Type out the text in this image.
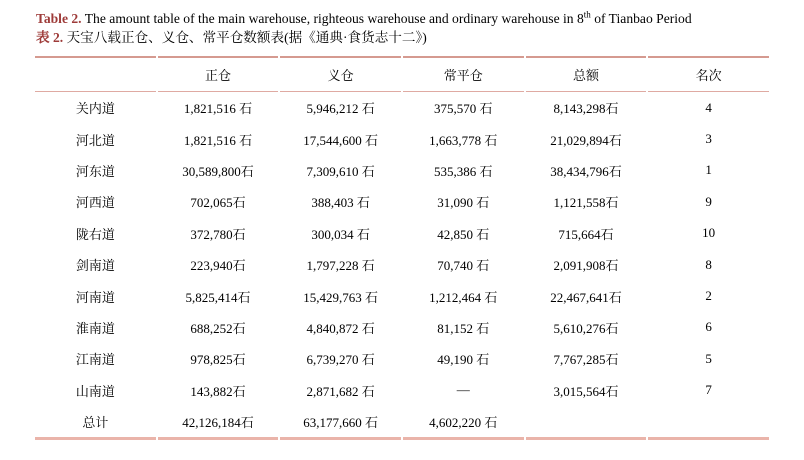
Table 2. The amount table of the main warehouse, righteous warehouse and ordinary warehouse in 8th of Tianbao Period
表 2. 天宝八载正仓、义仓、常平仓数额表(据《通典·食货志十二》)
	正仓	义仓	常平仓	总额	名次
关内道	1,821,516 石	5,946,212 石	375,570 石	8,143,298石	4
河北道	1,821,516 石	17,544,600 石	1,663,778 石	21,029,894石	3
河东道	30,589,800石	7,309,610 石	535,386 石	38,434,796石	1
河西道	702,065石	388,403 石	31,090 石	1,121,558石	9
陇右道	372,780石	300,034 石	42,850 石	715,664石	10
剑南道	223,940石	1,797,228 石	70,740 石	2,091,908石	8
河南道	5,825,414石	15,429,763 石	1,212,464 石	22,467,641石	2
淮南道	688,252石	4,840,872 石	81,152 石	5,610,276石	6
江南道	978,825石	6,739,270 石	49,190 石	7,767,285石	5
山南道	143,882石	2,871,682 石	—	3,015,564石	7
总计	42,126,184石	63,177,660 石	4,602,220 石		
